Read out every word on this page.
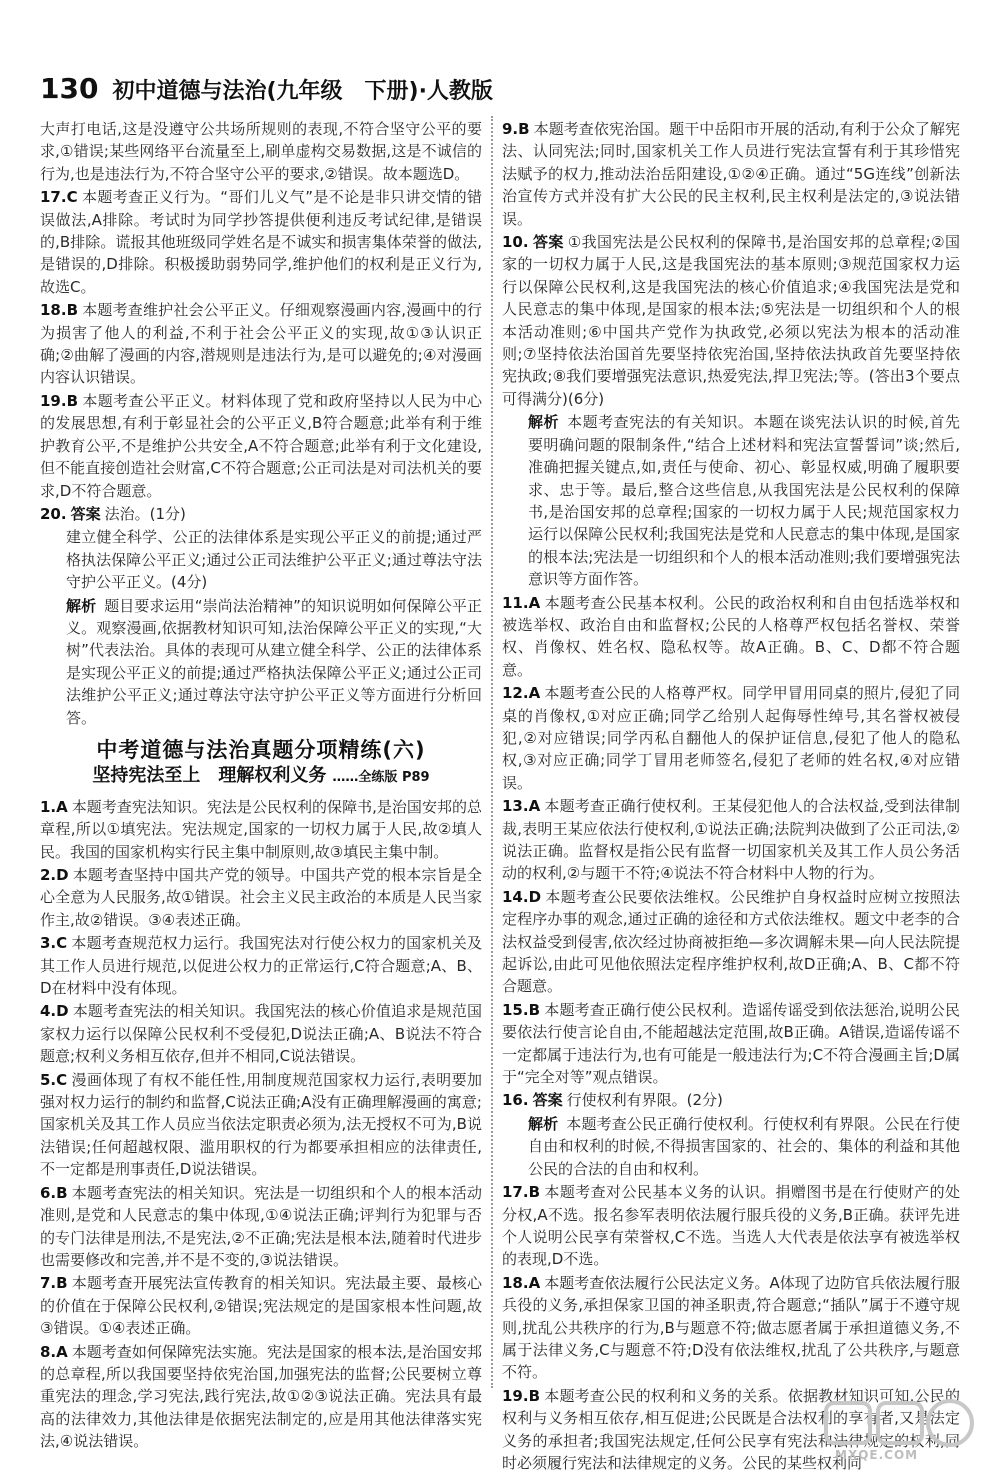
130 初中道德与法治(九年级　下册)·人教版
大声打电话,这是没遵守公共场所规则的表现,不符合坚守公平的要求,①错误;某些网络平台流量至上,刷单虚构交易数据,这是不诚信的行为,也是违法行为,不符合坚守公平的要求,②错误。故本题选D。
17.C 本题考查正义行为。“哥们儿义气”是不论是非只讲交情的错误做法,A排除。考试时为同学抄答提供便利违反考试纪律,是错误的,B排除。谎报其他班级同学姓名是不诚实和损害集体荣誉的做法,是错误的,D排除。积极援助弱势同学,维护他们的权利是正义行为,故选C。
18.B 本题考查维护社会公平正义。仔细观察漫画内容,漫画中的行为损害了他人的利益,不利于社会公平正义的实现,故①③认识正确;②曲解了漫画的内容,潜规则是违法行为,是可以避免的;④对漫画内容认识错误。
19.B 本题考查公平正义。材料体现了党和政府坚持以人民为中心的发展思想,有利于彰显社会的公平正义,B符合题意;此举有利于维护教育公平,不是维护公共安全,A不符合题意;此举有利于文化建设,但不能直接创造社会财富,C不符合题意;公正司法是对司法机关的要求,D不符合题意。
20. 答案 法治。(1分)
建立健全科学、公正的法律体系是实现公平正义的前提;通过严格执法保障公平正义;通过公正司法维护公平正义;通过尊法守法守护公平正义。(4分)
解析 题目要求运用“崇尚法治精神”的知识说明如何保障公平正义。观察漫画,依据教材知识可知,法治保障公平正义的实现,“大树”代表法治。具体的表现可从建立健全科学、公正的法律体系是实现公平正义的前提;通过严格执法保障公平正义;通过公正司法维护公平正义;通过尊法守法守护公平正义等方面进行分析回答。
中考道德与法治真题分项精练(六)
坚持宪法至上　理解权利义务 ……全练版 P89
1.A 本题考查宪法知识。宪法是公民权利的保障书,是治国安邦的总章程,所以①填宪法。宪法规定,国家的一切权力属于人民,故②填人民。我国的国家机构实行民主集中制原则,故③填民主集中制。
2.D 本题考查坚持中国共产党的领导。中国共产党的根本宗旨是全心全意为人民服务,故①错误。社会主义民主政治的本质是人民当家作主,故②错误。③④表述正确。
3.C 本题考查规范权力运行。我国宪法对行使公权力的国家机关及其工作人员进行规范,以促进公权力的正常运行,C符合题意;A、B、D在材料中没有体现。
4.D 本题考查宪法的相关知识。我国宪法的核心价值追求是规范国家权力运行以保障公民权利不受侵犯,D说法正确;A、B说法不符合题意;权利义务相互依存,但并不相同,C说法错误。
5.C 漫画体现了有权不能任性,用制度规范国家权力运行,表明要加强对权力运行的制约和监督,C说法正确;A没有正确理解漫画的寓意;国家机关及其工作人员应当依法定职责必须为,法无授权不可为,B说法错误;任何超越权限、滥用职权的行为都要承担相应的法律责任,不一定都是刑事责任,D说法错误。
6.B 本题考查宪法的相关知识。宪法是一切组织和个人的根本活动准则,是党和人民意志的集中体现,①④说法正确;评判行为犯罪与否的专门法律是刑法,不是宪法,②不正确;宪法是根本法,随着时代进步也需要修改和完善,并不是不变的,③说法错误。
7.B 本题考查开展宪法宣传教育的相关知识。宪法最主要、最核心的价值在于保障公民权利,②错误;宪法规定的是国家根本性问题,故③错误。①④表述正确。
8.A 本题考查如何保障宪法实施。宪法是国家的根本法,是治国安邦的总章程,所以我国要坚持依宪治国,加强宪法的监督;公民要树立尊重宪法的理念,学习宪法,践行宪法,故①②③说法正确。宪法具有最高的法律效力,其他法律是依据宪法制定的,应是用其他法律落实宪法,④说法错误。
9.B 本题考查依宪治国。题干中岳阳市开展的活动,有利于公众了解宪法、认同宪法;同时,国家机关工作人员进行宪法宣誓有利于其珍惜宪法赋予的权力,推动法治岳阳建设,①②④正确。通过“5G连线”创新法治宣传方式并没有扩大公民的民主权利,民主权利是法定的,③说法错误。
10. 答案 ①我国宪法是公民权利的保障书,是治国安邦的总章程;②国家的一切权力属于人民,这是我国宪法的基本原则;③规范国家权力运行以保障公民权利,这是我国宪法的核心价值追求;④我国宪法是党和人民意志的集中体现,是国家的根本法;⑤宪法是一切组织和个人的根本活动准则;⑥中国共产党作为执政党,必须以宪法为根本的活动准则;⑦坚持依法治国首先要坚持依宪治国,坚持依法执政首先要坚持依宪执政;⑧我们要增强宪法意识,热爱宪法,捍卫宪法;等。(答出3个要点可得满分)(6分)
解析 本题考查宪法的有关知识。本题在谈宪法认识的时候,首先要明确问题的限制条件,“结合上述材料和宪法宣誓誓词”谈;然后,准确把握关键点,如,责任与使命、初心、彰显权威,明确了履职要求、忠于等。最后,整合这些信息,从我国宪法是公民权利的保障书,是治国安邦的总章程;国家的一切权力属于人民;规范国家权力运行以保障公民权利;我国宪法是党和人民意志的集中体现,是国家的根本法;宪法是一切组织和个人的根本活动准则;我们要增强宪法意识等方面作答。
11.A 本题考查公民基本权利。公民的政治权利和自由包括选举权和被选举权、政治自由和监督权;公民的人格尊严权包括名誉权、荣誉权、肖像权、姓名权、隐私权等。故A正确。B、C、D都不符合题意。
12.A 本题考查公民的人格尊严权。同学甲冒用同桌的照片,侵犯了同桌的肖像权,①对应正确;同学乙给别人起侮辱性绰号,其名誉权被侵犯,②对应错误;同学丙私自翻他人的保护证信息,侵犯了他人的隐私权,③对应正确;同学丁冒用老师签名,侵犯了老师的姓名权,④对应错误。
13.A 本题考查正确行使权利。王某侵犯他人的合法权益,受到法律制裁,表明王某应依法行使权利,①说法正确;法院判决做到了公正司法,②说法正确。监督权是指公民有监督一切国家机关及其工作人员公务活动的权利,②与题干不符;④说法不符合材料中人物的行为。
14.D 本题考查公民要依法维权。公民维护自身权益时应树立按照法定程序办事的观念,通过正确的途径和方式依法维权。题文中老李的合法权益受到侵害,依次经过协商被拒绝—多次调解未果—向人民法院提起诉讼,由此可见他依照法定程序维护权利,故D正确;A、B、C都不符合题意。
15.B 本题考查正确行使公民权利。造谣传谣受到依法惩治,说明公民要依法行使言论自由,不能超越法定范围,故B正确。A错误,造谣传谣不一定都属于违法行为,也有可能是一般违法行为;C不符合漫画主旨;D属于“完全对等”观点错误。
16. 答案 行使权利有界限。(2分)
解析 本题考查公民正确行使权利。行使权利有界限。公民在行使自由和权利的时候,不得损害国家的、社会的、集体的利益和其他公民的合法的自由和权利。
17.B 本题考查对公民基本义务的认识。捐赠图书是在行使财产的处分权,A不选。报名参军表明依法履行服兵役的义务,B正确。获评先进个人说明公民享有荣誉权,C不选。当选人大代表是依法享有被选举权的表现,D不选。
18.A 本题考查依法履行公民法定义务。A体现了边防官兵依法履行服兵役的义务,承担保家卫国的神圣职责,符合题意;“插队”属于不遵守规则,扰乱公共秩序的行为,B与题意不符;做志愿者属于承担道德义务,不属于法律义务,C与题意不符;D没有依法维权,扰乱了公共秩序,与题意不符。
19.B 本题考查公民的权利和义务的关系。依据教材知识可知,公民的权利与义务相互依存,相互促进;公民既是合法权利的享有者,又是法定义务的承担者;我国宪法规定,任何公民享有宪法和法律规定的权利,同时必须履行宪法和法律规定的义务。公民的某些权利同
MXQE.COM
